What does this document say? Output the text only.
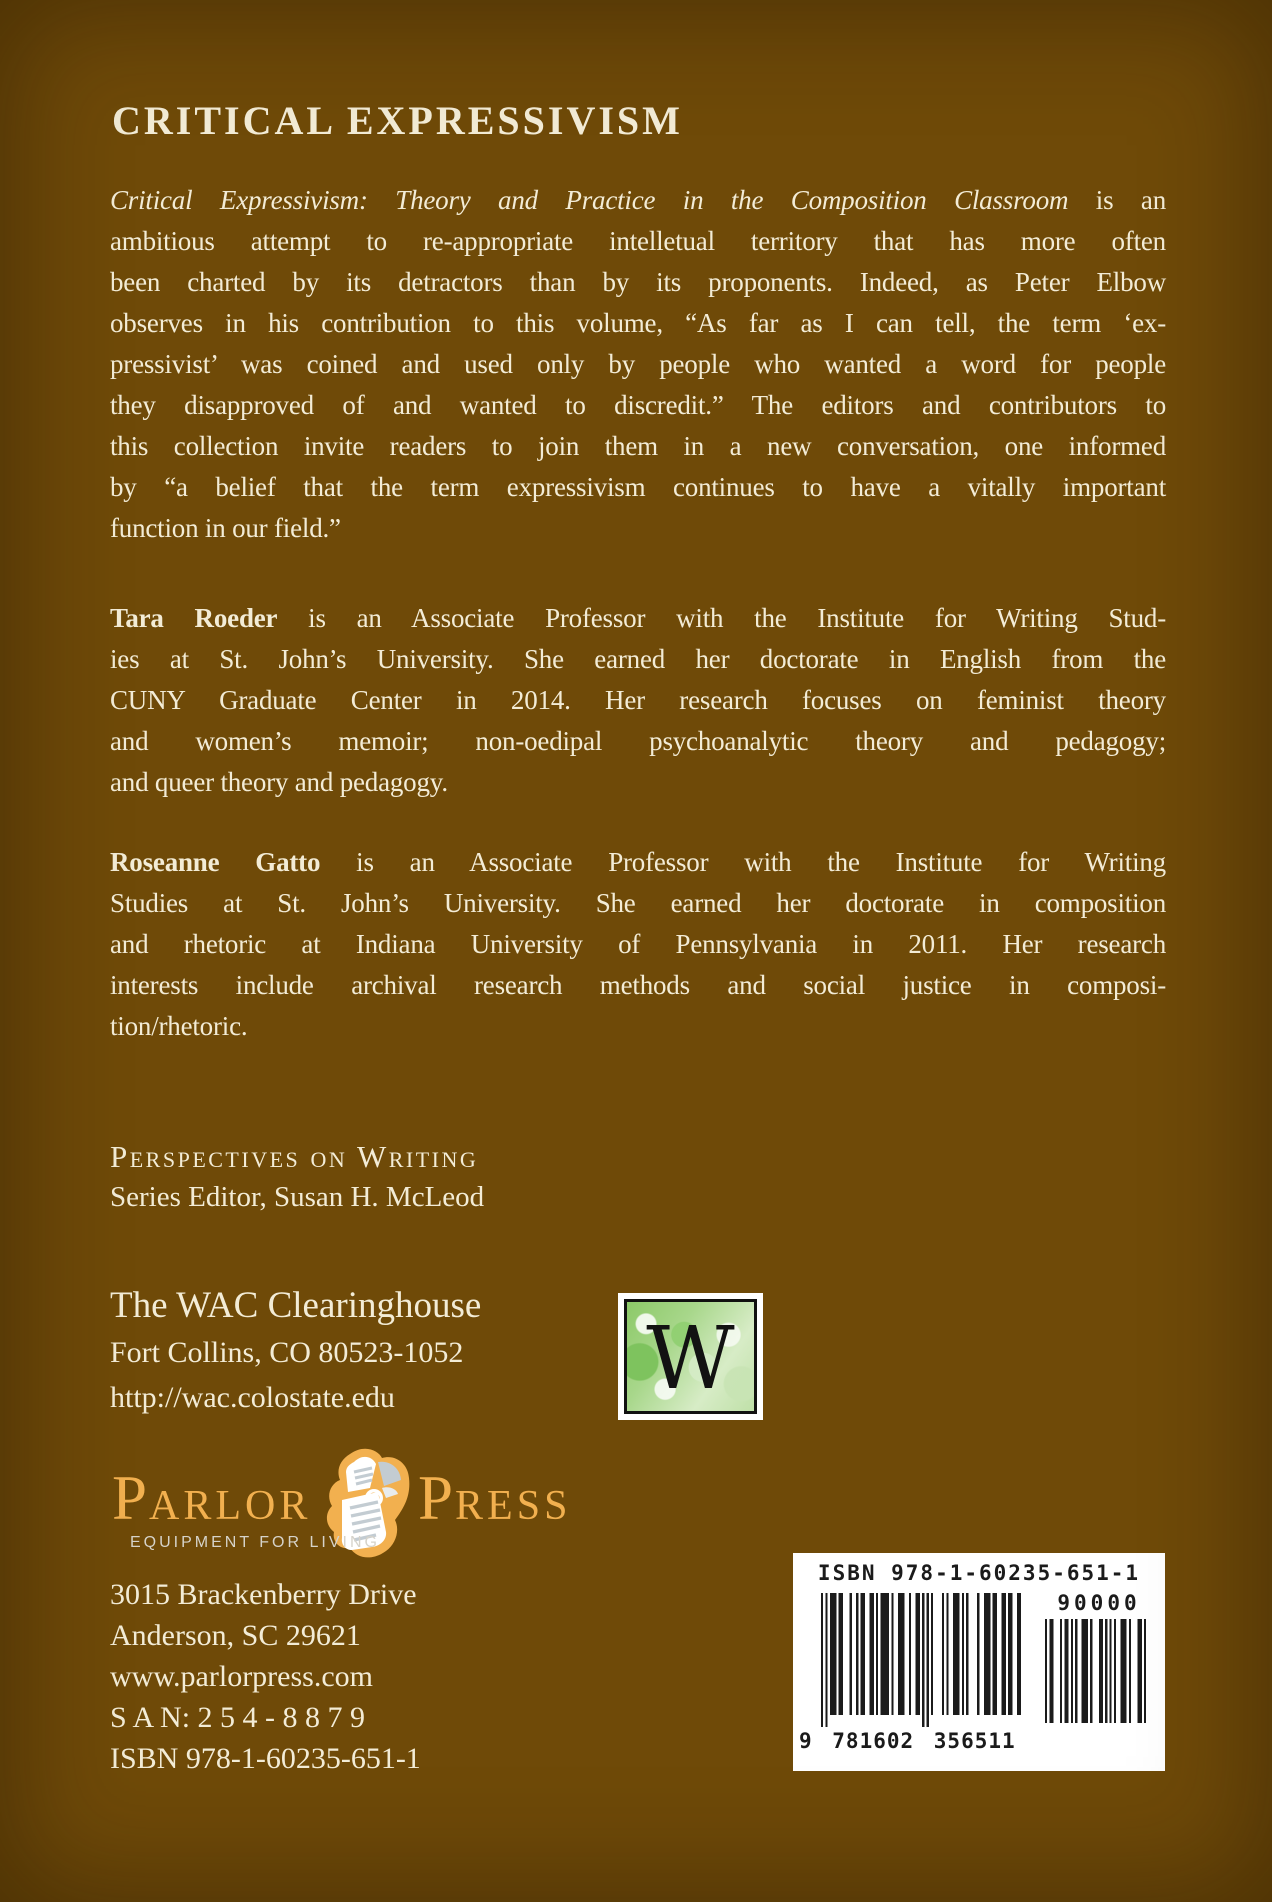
CRITICAL EXPRESSIVISM
Critical Expressivism: Theory and Practice in the Composition Classroom is an
ambitious attempt to re-appropriate intelletual territory that has more often
been charted by its detractors than by its proponents. Indeed, as Peter Elbow
observes in his contribution to this volume, “As far as I can tell, the term ‘ex-
pressivist’ was coined and used only by people who wanted a word for people
they disapproved of and wanted to discredit.” The editors and contributors to
this collection invite readers to join them in a new conversation, one informed
by “a belief that the term expressivism continues to have a vitally important
function in our field.”
Tara Roeder is an Associate Professor with the Institute for Writing Stud-
ies at St. John’s University. She earned her doctorate in English from the
CUNY Graduate Center in 2014. Her research focuses on feminist theory
and women’s memoir; non-oedipal psychoanalytic theory and pedagogy;
and queer theory and pedagogy.
Roseanne Gatto is an Associate Professor with the Institute for Writing
Studies at St. John’s University. She earned her doctorate in composition
and rhetoric at Indiana University of Pennsylvania in 2011. Her research
interests include archival research methods and social justice in composi-
tion/rhetoric.
Perspectives on Writing
Series Editor, Susan H. McLeod
The WAC Clearinghouse
Fort Collins, CO 80523-1052
http://wac.colostate.edu	W
PARLOR	PRESS
EQUIPMENT FOR LIVING
3015 Brackenberry Drive
Anderson, SC 29621
www.parlorpress.com
S A N: 2 5 4 - 8 8 7 9
ISBN 978-1-60235-651-1
ISBN 978-1-60235-651-1
90000
9 781602 356511
